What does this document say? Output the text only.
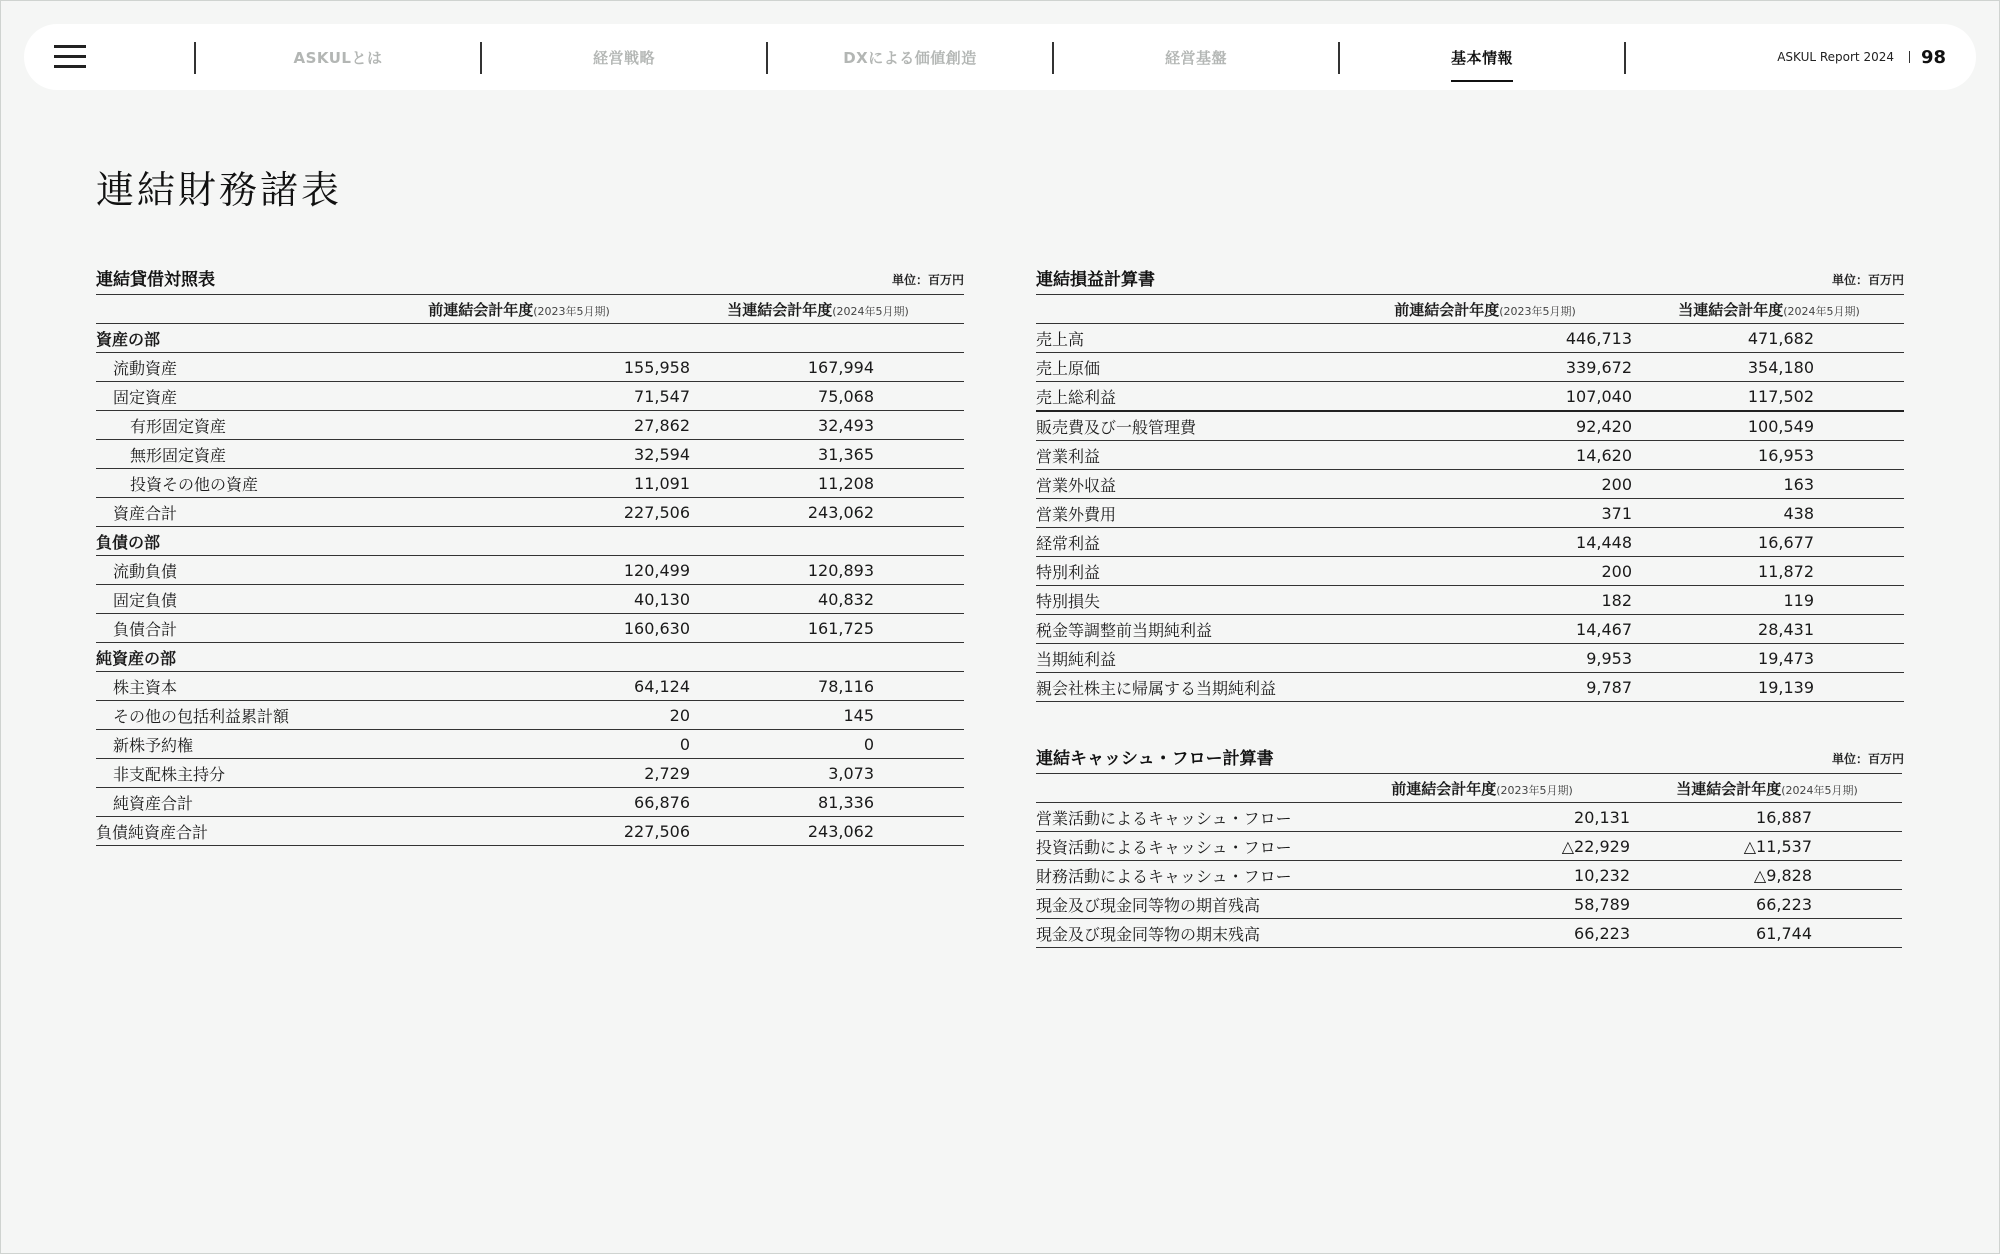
ASKULとは	経営戦略	DXによる価値創造	経営基盤	基本情報	ASKUL Report 2024 98
連結財務諸表
連結貸借対照表	単位：百万円
	前連結会計年度(2023年5月期)	当連結会計年度(2024年5月期)
資産の部		
流動資産	155,958	167,994
固定資産	71,547	75,068
有形固定資産	27,862	32,493
無形固定資産	32,594	31,365
投資その他の資産	11,091	11,208
資産合計	227,506	243,062
負債の部		
流動負債	120,499	120,893
固定負債	40,130	40,832
負債合計	160,630	161,725
純資産の部		
株主資本	64,124	78,116
その他の包括利益累計額	20	145
新株予約権	0	0
非支配株主持分	2,729	3,073
純資産合計	66,876	81,336
負債純資産合計	227,506	243,062
連結損益計算書	単位：百万円
	前連結会計年度(2023年5月期)	当連結会計年度(2024年5月期)
売上高	446,713	471,682
売上原価	339,672	354,180
売上総利益	107,040	117,502
販売費及び一般管理費	92,420	100,549
営業利益	14,620	16,953
営業外収益	200	163
営業外費用	371	438
経常利益	14,448	16,677
特別利益	200	11,872
特別損失	182	119
税金等調整前当期純利益	14,467	28,431
当期純利益	9,953	19,473
親会社株主に帰属する当期純利益	9,787	19,139
連結キャッシュ・フロー計算書	単位：百万円
	前連結会計年度(2023年5月期)	当連結会計年度(2024年5月期)
営業活動によるキャッシュ・フロー	20,131	16,887
投資活動によるキャッシュ・フロー	△22,929	△11,537
財務活動によるキャッシュ・フロー	10,232	△9,828
現金及び現金同等物の期首残高	58,789	66,223
現金及び現金同等物の期末残高	66,223	61,744
